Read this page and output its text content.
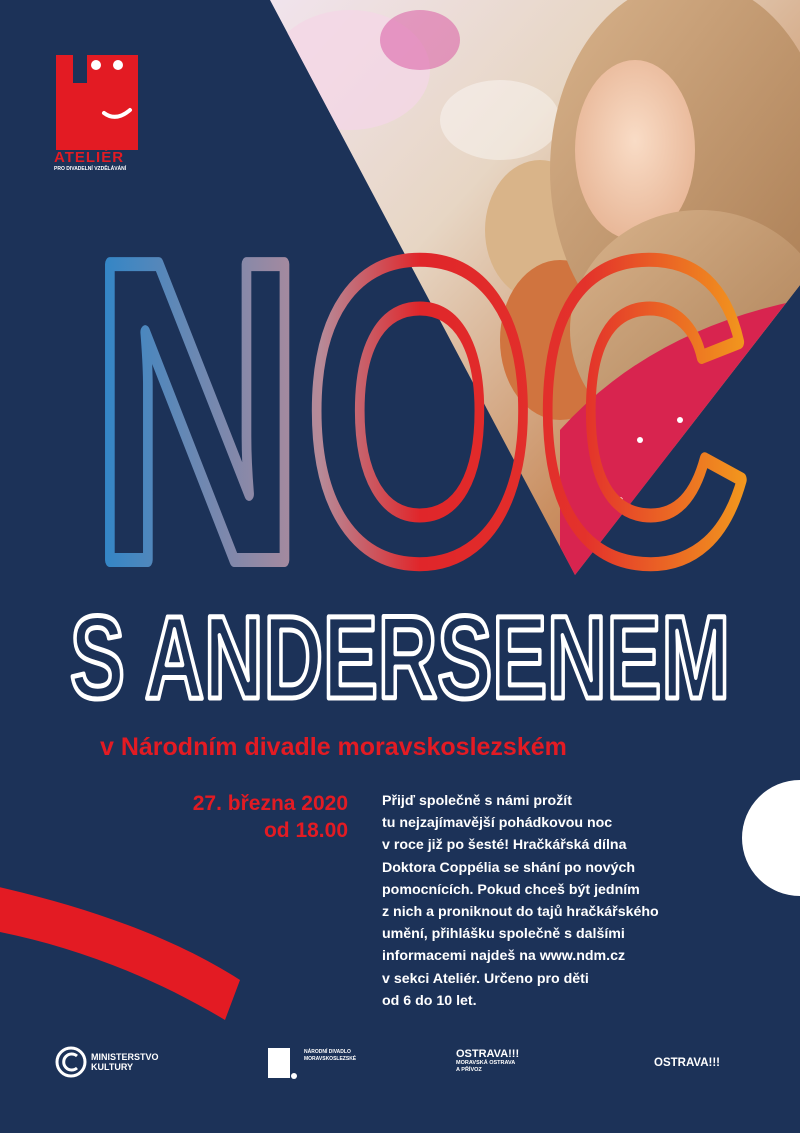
ATELIÉR
PRO DIVADELNÍ VZDĚLÁVÁNÍ
NOC
S ANDERSENEM
v Národním divadle moravskoslezském
27. března 2020
od 18.00

Přijď společně s námi prožít

tu nejzajímavější pohádkovou noc

v roce již po šesté! Hračkářská dílna

Doktora Coppélia se shání po nových

pomocnících. Pokud chceš být jedním

z nich a proniknout do tajů hračkářského

umění, přihlášku společně s dalšími

informacemi najdeš na www.ndm.cz

v sekci Ateliér. Určeno pro děti

od 6 do 10 let.

MINISTERSTVO
KULTURY
NÁRODNÍ DIVADLO
MORAVSKOSLEZSKÉ	OSTRAVA!!!
MORAVSKÁ OSTRAVA
A PŘÍVOZ
OSTRAVA!!!
